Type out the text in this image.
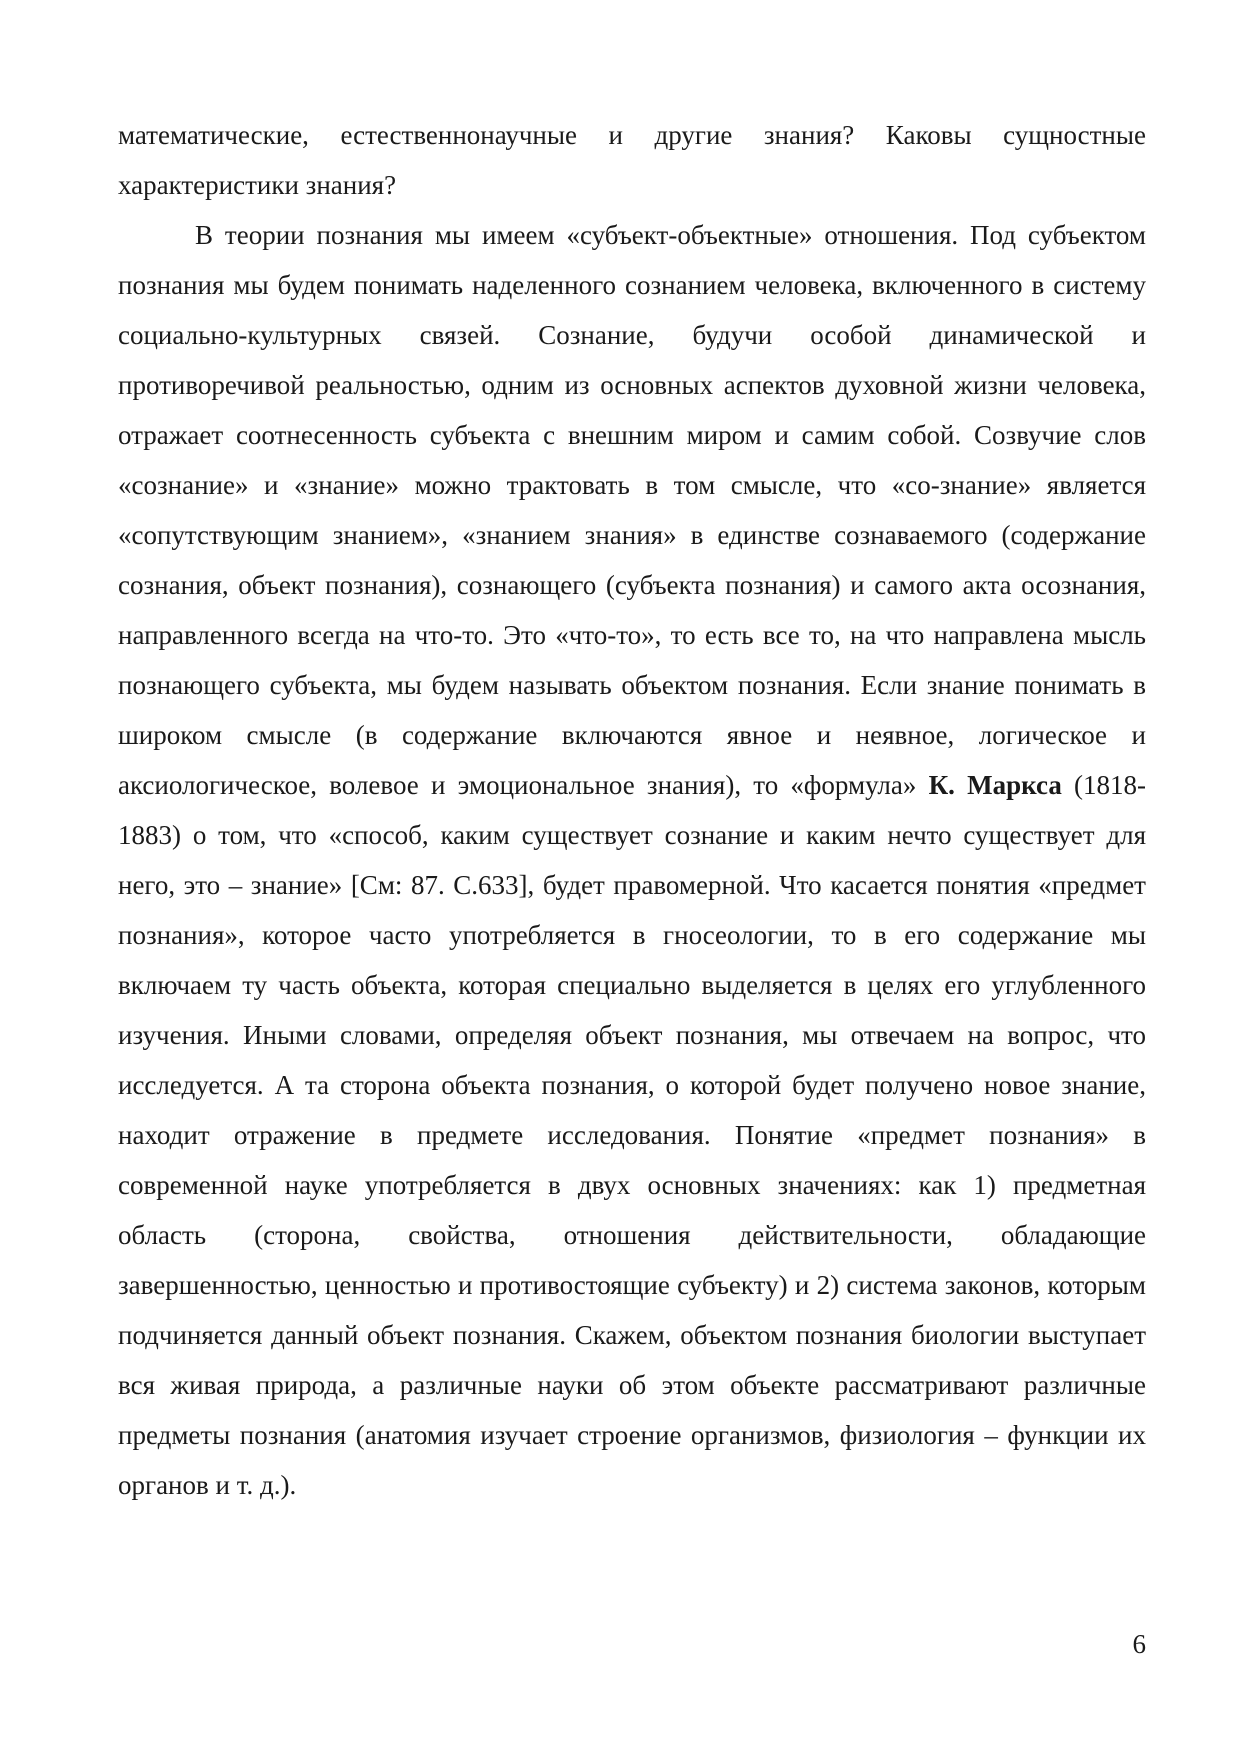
математические, естественнонаучные и другие знания? Каковы сущностные характеристики знания?

В теории познания мы имеем «субъект-объектные» отношения. Под субъектом познания мы будем понимать наделенного сознанием человека, включенного в систему социально-культурных связей. Сознание, будучи особой динамической и противоречивой реальностью, одним из основных аспектов духовной жизни человека, отражает соотнесенность субъекта с внешним миром и самим собой. Созвучие слов «сознание» и «знание» можно трактовать в том смысле, что «со-знание» является «сопутствующим знанием», «знанием знания» в единстве сознаваемого (содержание сознания, объект познания), сознающего (субъекта познания) и самого акта осознания, направленного всегда на что-то. Это «что-то», то есть все то, на что направлена мысль познающего субъекта, мы будем называть объектом познания. Если знание понимать в широком смысле (в содержание включаются явное и неявное, логическое и аксиологическое, волевое и эмоциональное знания), то «формула» К. Маркса (1818-1883) о том, что «способ, каким существует сознание и каким нечто существует для него, это – знание» [См: 87. С.633], будет правомерной. Что касается понятия «предмет познания», которое часто употребляется в гносеологии, то в его содержание мы включаем ту часть объекта, которая специально выделяется в целях его углубленного изучения. Иными словами, определяя объект познания, мы отвечаем на вопрос, что исследуется. А та сторона объекта познания, о которой будет получено новое знание, находит отражение в предмете исследования. Понятие «предмет познания» в современной науке употребляется в двух основных значениях: как 1) предметная область (сторона, свойства, отношения действительности, обладающие завершенностью, ценностью и противостоящие субъекту) и 2) система законов, которым подчиняется данный объект познания. Скажем, объектом познания биологии выступает вся живая природа, а различные науки об этом объекте рассматривают различные предметы познания (анатомия изучает строение организмов, физиология – функции их органов и т. д.).

6
